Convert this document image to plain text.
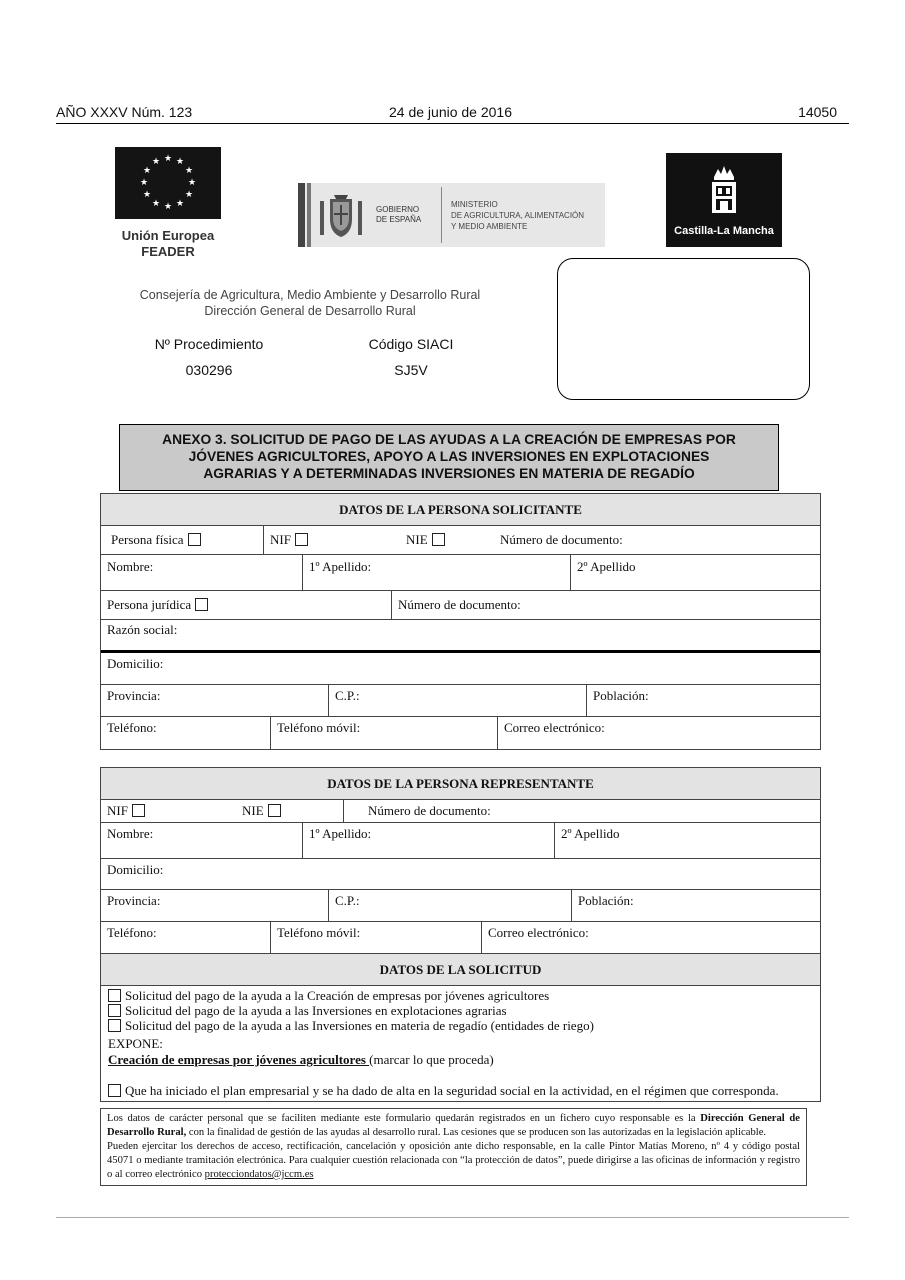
AÑO XXXV Núm. 123	24 de junio de 2016	14050
★ ★
★
★
★
★
★
★
★
★
★
★
Unión Europea
FEADER
GOBIERNO
DE ESPAÑA
MINISTERIO
DE AGRICULTURA, ALIMENTACIÓN
Y MEDIO AMBIENTE	Castilla-La Mancha
Consejería de Agricultura, Medio Ambiente y Desarrollo Rural
Dirección General de Desarrollo Rural
Nº Procedimiento
030296
Código SIACI
SJ5V
ANEXO 3. SOLICITUD DE PAGO DE LAS AYUDAS A LA CREACIÓN DE EMPRESAS POR
JÓVENES AGRICULTORES, APOYO A LAS INVERSIONES EN EXPLOTACIONES
AGRARIAS Y A DETERMINADAS INVERSIONES EN MATERIA DE REGADÍO
DATOS DE LA PERSONA SOLICITANTE
Persona física	NIF	NIE	Número de documento:
Nombre:	1º Apellido:	2º Apellido
Persona jurídica	Número de documento:
Razón social:
Domicilio:
Provincia:	C.P.:	Población:
Teléfono:	Teléfono móvil:	Correo electrónico:
DATOS DE LA PERSONA REPRESENTANTE
NIF	NIE	Número de documento:
Nombre:	1º Apellido:	2º Apellido
Domicilio:
Provincia:	C.P.:	Población:
Teléfono:	Teléfono móvil:	Correo electrónico:
DATOS DE LA SOLICITUD
Solicitud del pago de la ayuda a la Creación de empresas por jóvenes agricultores
Solicitud del pago de la ayuda a las Inversiones en explotaciones agrarias
Solicitud del pago de la ayuda a las Inversiones en materia de regadío (entidades de riego)
EXPONE:
Creación de empresas por jóvenes agricultores (marcar lo que proceda)
Que ha iniciado el plan empresarial y se ha dado de alta en la seguridad social en la actividad, en el régimen que corresponda.
Los datos de carácter personal que se faciliten mediante este formulario quedarán registrados en un fichero cuyo responsable es la Dirección General de Desarrollo Rural, con la finalidad de gestión de las ayudas al desarrollo rural. Las cesiones que se producen son las autorizadas en la legislación aplicable.
Pueden ejercitar los derechos de acceso, rectificación, cancelación y oposición ante dicho responsable, en la calle Pintor Matías Moreno, nº 4 y código postal 45071 o mediante tramitación electrónica. Para cualquier cuestión relacionada con “la protección de datos”, puede dirigirse a las oficinas de información y registro o al correo electrónico protecciondatos@jccm.es
